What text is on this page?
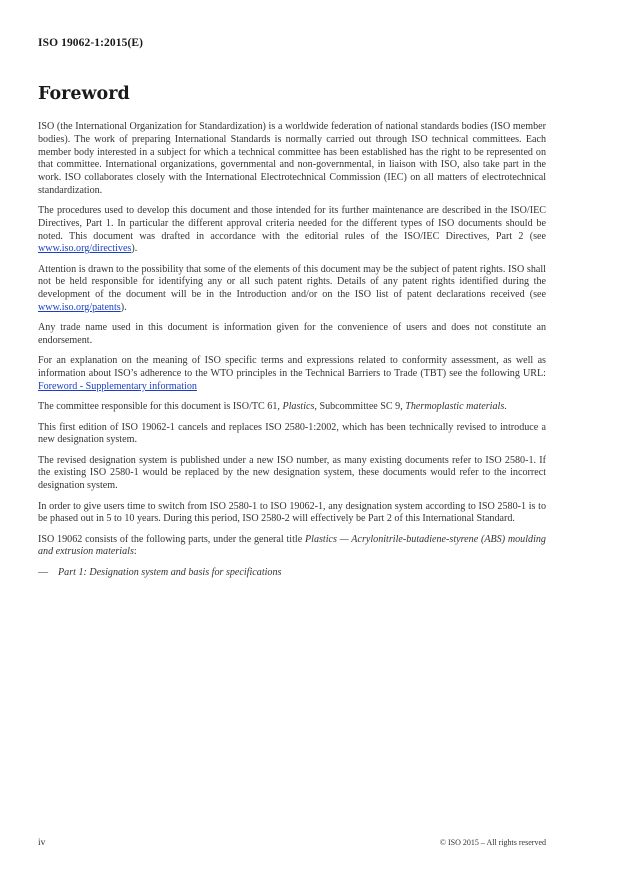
ISO 19062-1:2015(E)
Foreword

ISO (the International Organization for Standardization) is a worldwide federation of national standards bodies (ISO member bodies). The work of preparing International Standards is normally carried out through ISO technical committees. Each member body interested in a subject for which a technical committee has been established has the right to be represented on that committee. International organizations, governmental and non-governmental, in liaison with ISO, also take part in the work. ISO collaborates closely with the International Electrotechnical Commission (IEC) on all matters of electrotechnical standardization.

The procedures used to develop this document and those intended for its further maintenance are described in the ISO/IEC Directives, Part 1. In particular the different approval criteria needed for the different types of ISO documents should be noted. This document was drafted in accordance with the editorial rules of the ISO/IEC Directives, Part 2 (see www.iso.org/directives).

Attention is drawn to the possibility that some of the elements of this document may be the subject of patent rights. ISO shall not be held responsible for identifying any or all such patent rights. Details of any patent rights identified during the development of the document will be in the Introduction and/or on the ISO list of patent declarations received (see www.iso.org/patents).

Any trade name used in this document is information given for the convenience of users and does not constitute an endorsement.

For an explanation on the meaning of ISO specific terms and expressions related to conformity assessment, as well as information about ISO’s adherence to the WTO principles in the Technical Barriers to Trade (TBT) see the following URL: Foreword - Supplementary information

The committee responsible for this document is ISO/TC 61, Plastics, Subcommittee SC 9, Thermoplastic materials.

This first edition of ISO 19062-1 cancels and replaces ISO 2580-1:2002, which has been technically revised to introduce a new designation system.

The revised designation system is published under a new ISO number, as many existing documents refer to ISO 2580-1. If the existing ISO 2580-1 would be replaced by the new designation system, these documents would refer to the incorrect designation system.

In order to give users time to switch from ISO 2580-1 to ISO 19062-1, any designation system according to ISO 2580-1 is to be phased out in 5 to 10 years. During this period, ISO 2580-2 will effectively be Part 2 of this International Standard.

ISO 19062 consists of the following parts, under the general title Plastics — Acrylonitrile-butadiene-styrene (ABS) moulding and extrusion materials:

— Part 1: Designation system and basis for specifications
iv	© ISO 2015 – All rights reserved
